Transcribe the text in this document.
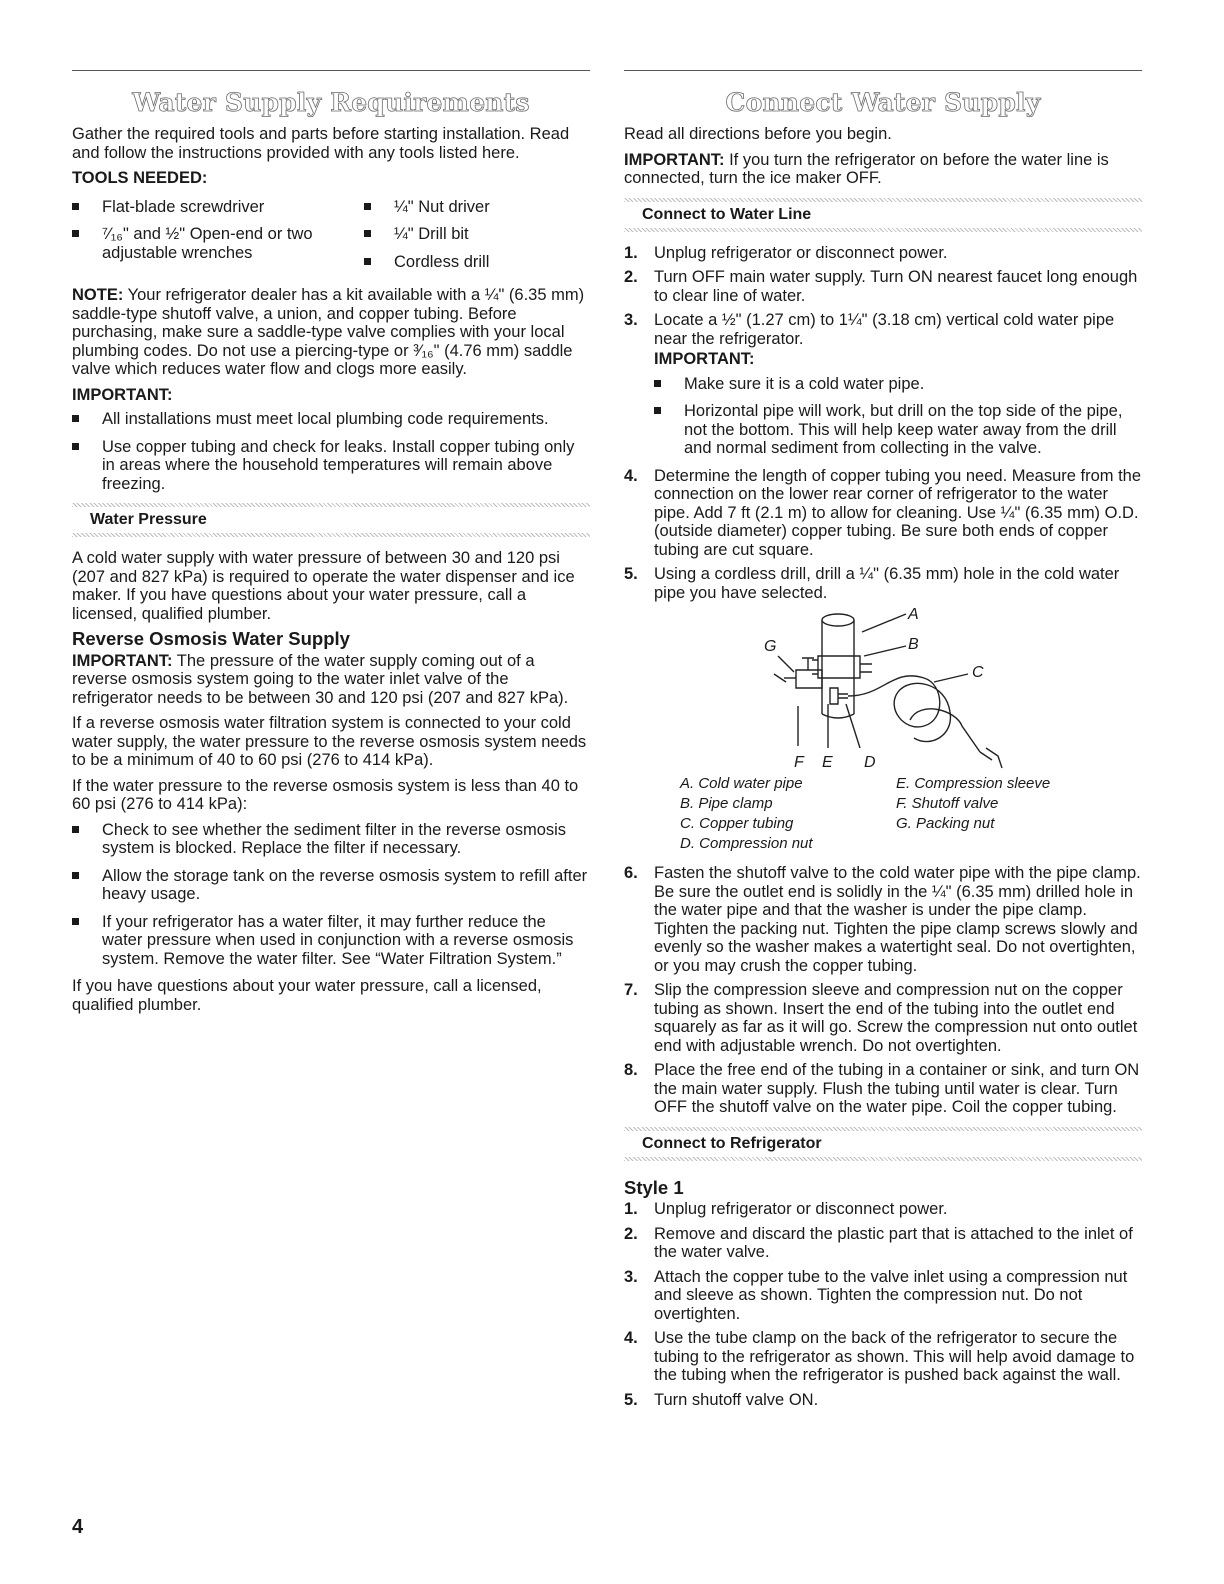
Water Supply Requirements

Gather the required tools and parts before starting installation. Read and follow the instructions provided with any tools listed here.

TOOLS NEEDED:
Flat-blade screwdriver
⁷⁄₁₆" and ½" Open-end or two adjustable wrenches
¼" Nut driver
¼" Drill bit
Cordless drill

NOTE: Your refrigerator dealer has a kit available with a ¼" (6.35 mm) saddle-type shutoff valve, a union, and copper tubing. Before purchasing, make sure a saddle-type valve complies with your local plumbing codes. Do not use a piercing-type or ³⁄₁₆" (4.76 mm) saddle valve which reduces water flow and clogs more easily.

IMPORTANT:
All installations must meet local plumbing code requirements.
Use copper tubing and check for leaks. Install copper tubing only in areas where the household temperatures will remain above freezing.
Water Pressure

A cold water supply with water pressure of between 30 and 120 psi (207 and 827 kPa) is required to operate the water dispenser and ice maker. If you have questions about your water pressure, call a licensed, qualified plumber.

Reverse Osmosis Water Supply

IMPORTANT: The pressure of the water supply coming out of a reverse osmosis system going to the water inlet valve of the refrigerator needs to be between 30 and 120 psi (207 and 827 kPa).

If a reverse osmosis water filtration system is connected to your cold water supply, the water pressure to the reverse osmosis system needs to be a minimum of 40 to 60 psi (276 to 414 kPa).

If the water pressure to the reverse osmosis system is less than 40 to 60 psi (276 to 414 kPa):

Check to see whether the sediment filter in the reverse osmosis system is blocked. Replace the filter if necessary.
Allow the storage tank on the reverse osmosis system to refill after heavy usage.
If your refrigerator has a water filter, it may further reduce the water pressure when used in conjunction with a reverse osmosis system. Remove the water filter. See “Water Filtration System.”

If you have questions about your water pressure, call a licensed, qualified plumber.

Connect Water Supply

Read all directions before you begin.

IMPORTANT: If you turn the refrigerator on before the water line is connected, turn the ice maker OFF.

Connect to Water Line
1. Unplug refrigerator or disconnect power.
2. Turn OFF main water supply. Turn ON nearest faucet long enough to clear line of water.
3. Locate a ½" (1.27 cm) to 1¼" (3.18 cm) vertical cold water pipe near the refrigerator.
IMPORTANT:
Make sure it is a cold water pipe.
Horizontal pipe will work, but drill on the top side of the pipe, not the bottom. This will help keep water away from the drill and normal sediment from collecting in the valve.
4. Determine the length of copper tubing you need. Measure from the connection on the lower rear corner of refrigerator to the water pipe. Add 7 ft (2.1 m) to allow for cleaning. Use ¼" (6.35 mm) O.D. (outside diameter) copper tubing. Be sure both ends of copper tubing are cut square.
5. Using a cordless drill, drill a ¼" (6.35 mm) hole in the cold water pipe you have selected.
A
B
C
D
E
F
G
A. Cold water pipe
B. Pipe clamp
C. Copper tubing
D. Compression nut
E. Compression sleeve
F. Shutoff valve
G. Packing nut
6. Fasten the shutoff valve to the cold water pipe with the pipe clamp. Be sure the outlet end is solidly in the ¼" (6.35 mm) drilled hole in the water pipe and that the washer is under the pipe clamp. Tighten the packing nut. Tighten the pipe clamp screws slowly and evenly so the washer makes a watertight seal. Do not overtighten, or you may crush the copper tubing.
7. Slip the compression sleeve and compression nut on the copper tubing as shown. Insert the end of the tubing into the outlet end squarely as far as it will go. Screw the compression nut onto outlet end with adjustable wrench. Do not overtighten.
8. Place the free end of the tubing in a container or sink, and turn ON the main water supply. Flush the tubing until water is clear. Turn OFF the shutoff valve on the water pipe. Coil the copper tubing.
Connect to Refrigerator
Style 1
1. Unplug refrigerator or disconnect power.
2. Remove and discard the plastic part that is attached to the inlet of the water valve.
3. Attach the copper tube to the valve inlet using a compression nut and sleeve as shown. Tighten the compression nut. Do not overtighten.
4. Use the tube clamp on the back of the refrigerator to secure the tubing to the refrigerator as shown. This will help avoid damage to the tubing when the refrigerator is pushed back against the wall.
5. Turn shutoff valve ON.
4
